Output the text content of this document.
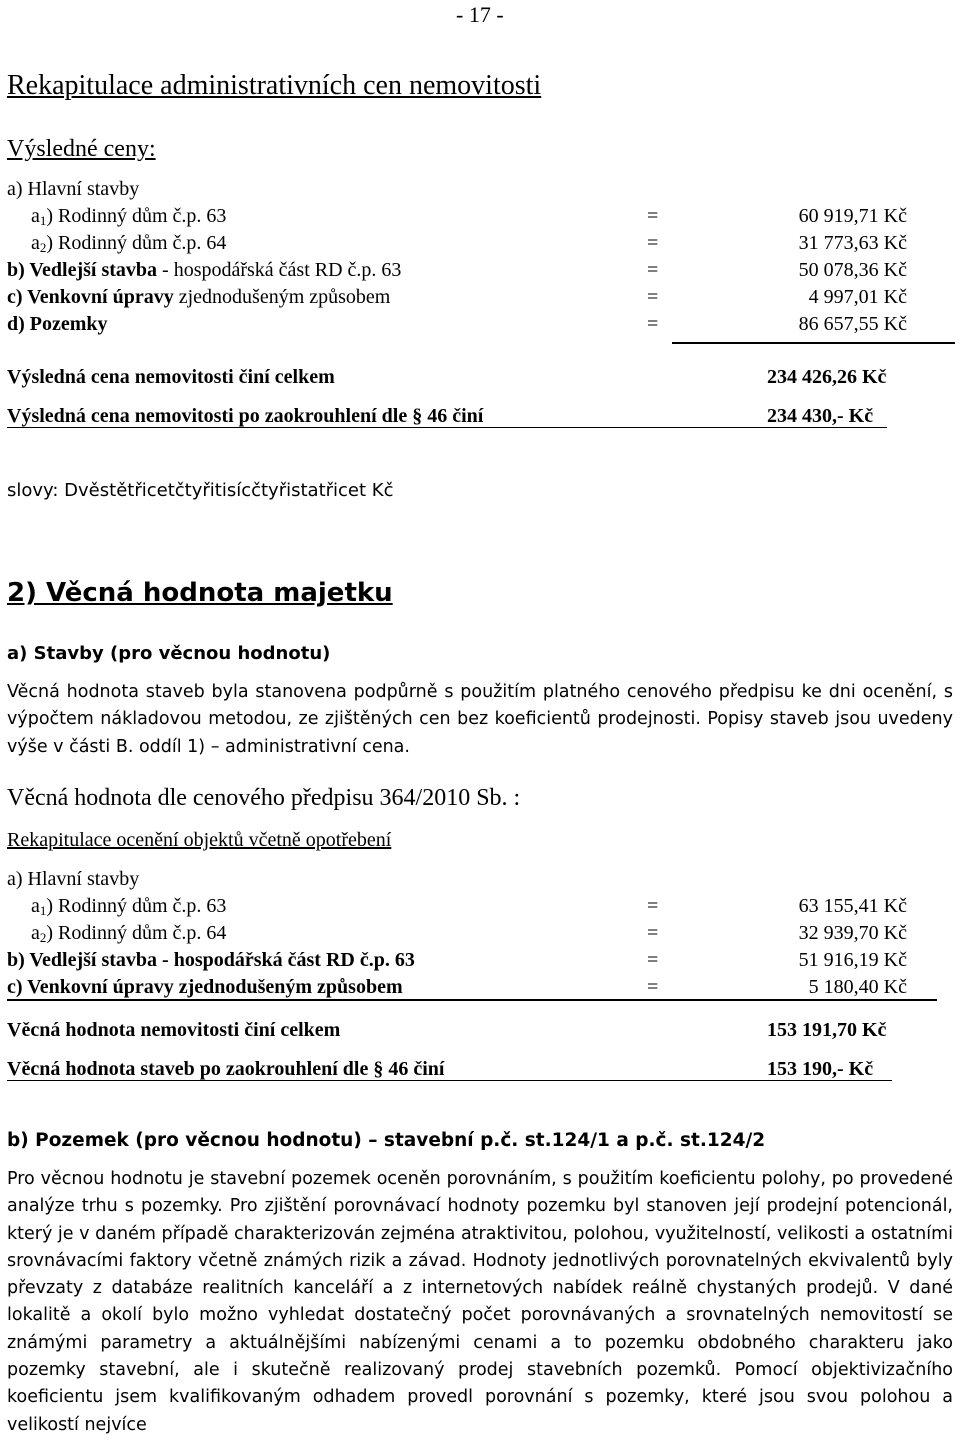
- 17 -
Rekapitulace administrativních cen nemovitosti
Výsledné ceny:
a) Hlavní stavby
$a_1$) Rodinný dům č.p. 63	=	60 919,71 Kč
$a_2$) Rodinný dům č.p. 64	=	31 773,63 Kč
b) Vedlejší stavba - hospodářská část RD č.p. 63	=	50 078,36 Kč
c) Venkovní úpravy zjednodušeným způsobem	=	4 997,01 Kč
d) Pozemky	=	86 657,55 Kč
Výsledná cena nemovitosti činí celkem	234 426,26 Kč
Výsledná cena nemovitosti po zaokrouhlení dle § 46 činí	234 430,- Kč
slovy: Dvěstětřicetčtyřitisícčtyřistatřicet Kč
2) Věcná hodnota majetku
a) Stavby (pro věcnou hodnotu)
Věcná hodnota staveb byla stanovena podpůrně s použitím platného cenového předpisu ke dni ocenění, s výpočtem nákladovou metodou, ze zjištěných cen bez koeficientů prodejnosti. Popisy staveb jsou uvedeny výše v části B. oddíl 1) – administrativní cena.
Věcná hodnota dle cenového předpisu 364/2010 Sb. :
Rekapitulace ocenění objektů včetně opotřebení
a) Hlavní stavby
$a_1$) Rodinný dům č.p. 63	=	63 155,41 Kč
$a_2$) Rodinný dům č.p. 64	=	32 939,70 Kč
b) Vedlejší stavba - hospodářská část RD č.p. 63	=	51 916,19 Kč
c) Venkovní úpravy zjednodušeným způsobem	=	5 180,40 Kč
Věcná hodnota nemovitosti činí celkem	153 191,70 Kč
Věcná hodnota staveb po zaokrouhlení dle § 46 činí	153 190,- Kč
b) Pozemek (pro věcnou hodnotu) – stavební p.č. st.124/1 a p.č. st.124/2
Pro věcnou hodnotu je stavební pozemek oceněn porovnáním, s použitím koeficientu polohy, po provedené analýze trhu s pozemky. Pro zjištění porovnávací hodnoty pozemku byl stanoven její prodejní potencionál, který je v daném případě charakterizován zejména atraktivitou, polohou, využitelností, velikosti a ostatními srovnávacími faktory včetně známých rizik a závad. Hodnoty jednotlivých porovnatelných ekvivalentů byly převzaty z databáze realitních kanceláří a z internetových nabídek reálně chystaných prodejů. V dané lokalitě a okolí bylo možno vyhledat dostatečný počet porovnávaných a srovnatelných nemovitostí se známými parametry a aktuálnějšími nabízenými cenami a to pozemku obdobného charakteru jako pozemky stavební, ale i skutečně realizovaný prodej stavebních pozemků. Pomocí objektivizačního koeficientu jsem kvalifikovaným odhadem provedl porovnání s pozemky, které jsou svou polohou a velikostí nejvíce
